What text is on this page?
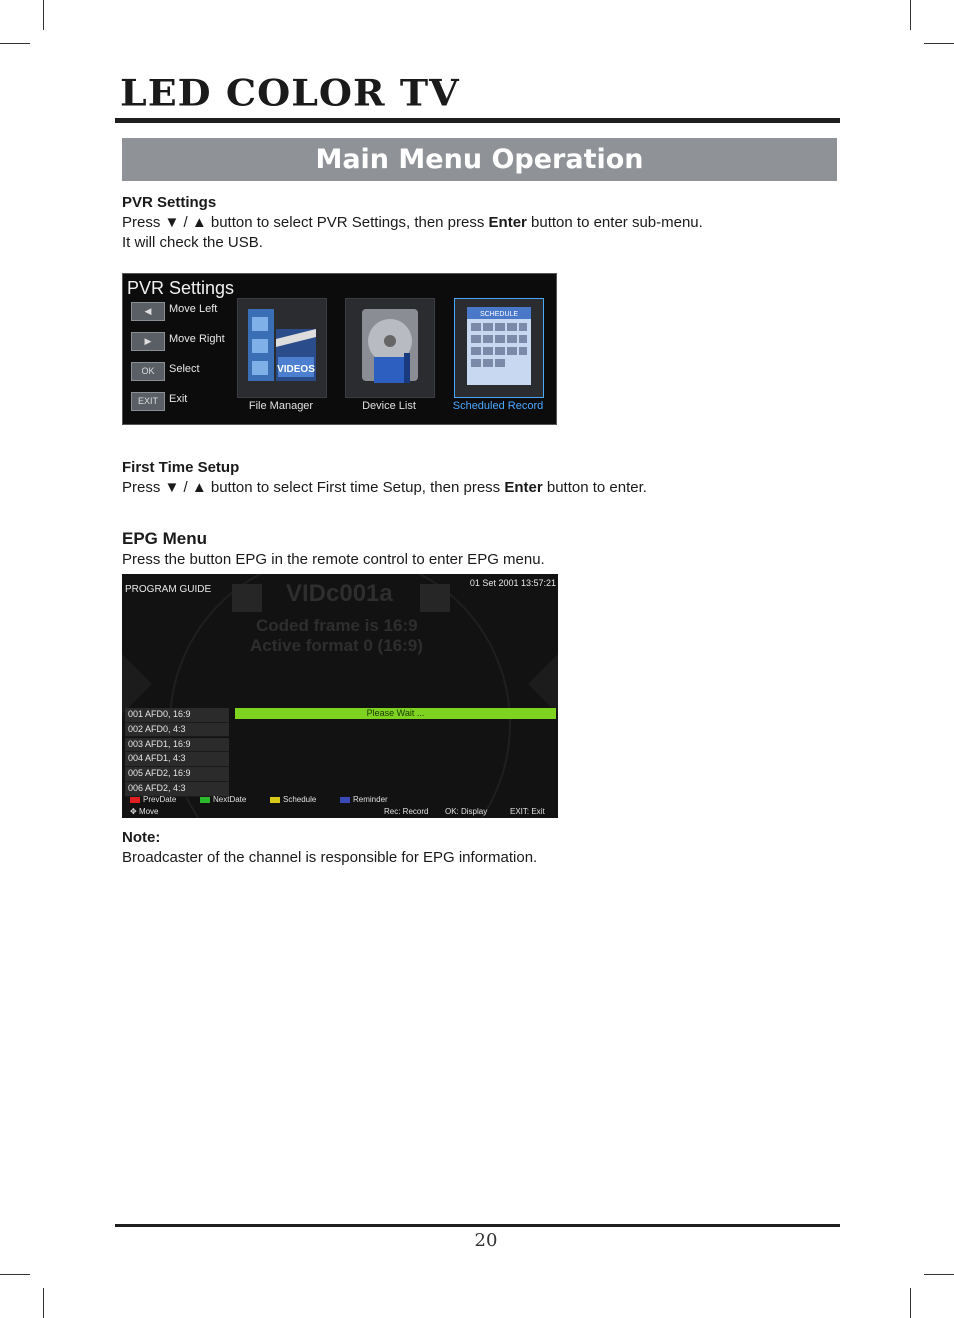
LED COLOR TV
Main Menu Operation
PVR Settings
Press ▼ / ▲ button to select PVR Settings, then press Enter button to enter sub-menu.
It will check the USB.
PVR Settings
◀	Move Left
▶	Move Right
OK	Select
EXIT	Exit
VIDEOS
File Manager	Device List
SCHEDULE
Scheduled Record
First Time Setup
Press ▼ / ▲ button to select First time Setup, then press Enter button to enter.
EPG Menu
Press the button EPG in the remote control to enter EPG menu.
VIDc001a
Coded frame is 16:9
Active format 0 (16:9)
PROGRAM GUIDE
01 Set 2001 13:57:21
001 AFD0, 16:9
002 AFD0, 4:3
003 AFD1, 16:9
004 AFD1, 4:3
005 AFD2, 16:9
006 AFD2, 4:3
Please Wait ...
PrevDate	NextDate	Schedule	Reminder
✥ Move	Rec: Record OK: Display	EXIT: Exit
Note:
Broadcaster of the channel is responsible for EPG information.
20
